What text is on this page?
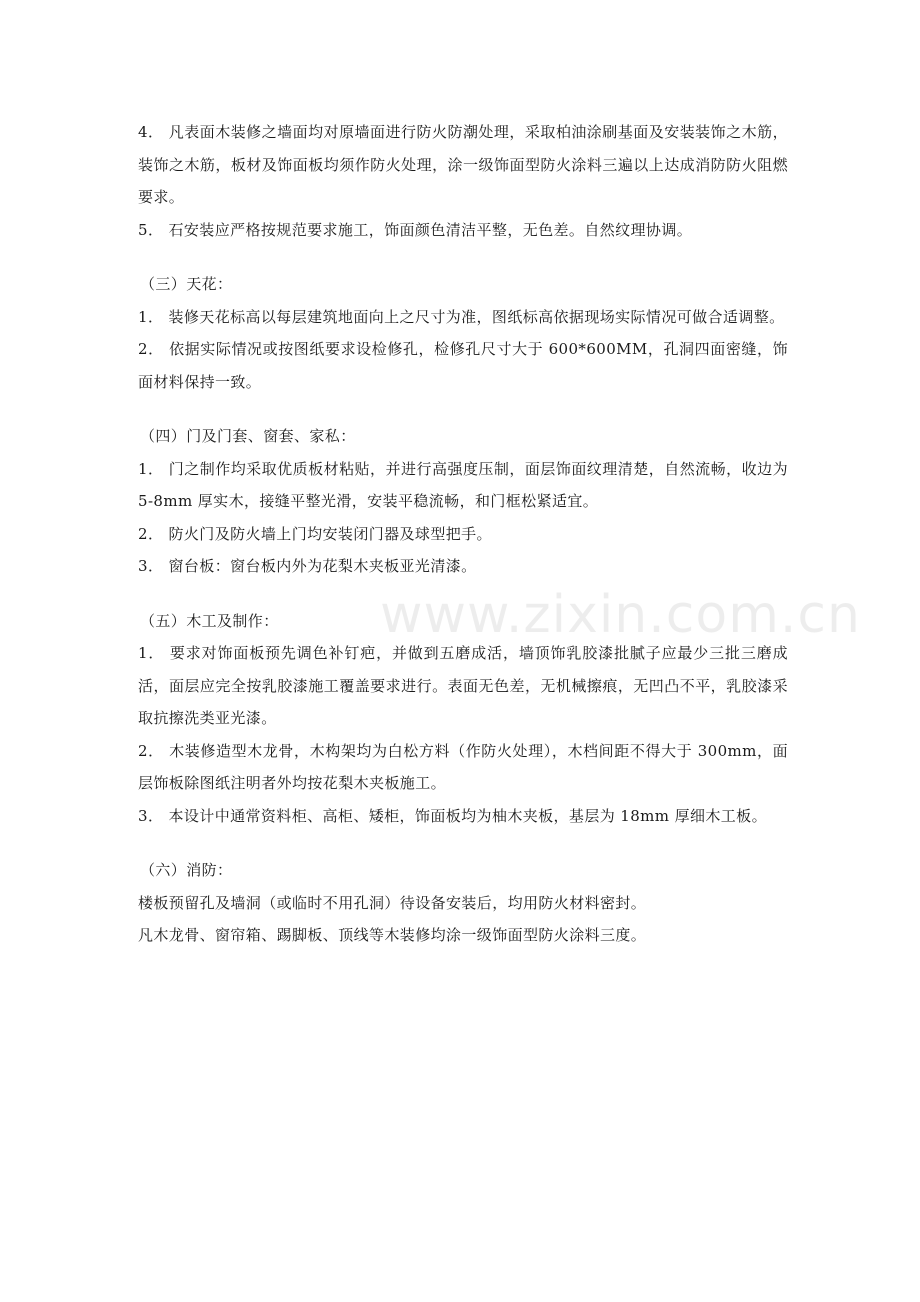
4． 凡表面木装修之墙面均对原墙面进行防火防潮处理，采取柏油涂刷基面及安装装饰之木筋，装饰之木筋，板材及饰面板均须作防火处理，涂一级饰面型防火涂料三遍以上达成消防防火阻燃要求。

5． 石安装应严格按规范要求施工，饰面颜色清洁平整，无色差。自然纹理协调。

（三）天花：

1． 装修天花标高以每层建筑地面向上之尺寸为准，图纸标高依据现场实际情况可做合适调整。

2． 依据实际情况或按图纸要求设检修孔，检修孔尺寸大于 600*600MM，孔洞四面密缝，饰面材料保持一致。

（四）门及门套、窗套、家私：

1． 门之制作均采取优质板材粘贴，并进行高强度压制，面层饰面纹理清楚，自然流畅，收边为 5-8mm 厚实木，接缝平整光滑，安装平稳流畅，和门框松紧适宜。

2． 防火门及防火墙上门均安装闭门器及球型把手。

3． 窗台板：窗台板内外为花梨木夹板亚光清漆。

（五）木工及制作：

1． 要求对饰面板预先调色补钉疤，并做到五磨成活，墙顶饰乳胶漆批腻子应最少三批三磨成活，面层应完全按乳胶漆施工覆盖要求进行。表面无色差，无机械擦痕，无凹凸不平，乳胶漆采取抗擦洗类亚光漆。

2． 木装修造型木龙骨，木构架均为白松方料（作防火处理），木档间距不得大于 300mm，面层饰板除图纸注明者外均按花梨木夹板施工。

3． 本设计中通常资料柜、高柜、矮柜，饰面板均为柚木夹板，基层为 18mm 厚细木工板。

（六）消防：

楼板预留孔及墙洞（或临时不用孔洞）待设备安装后，均用防火材料密封。

凡木龙骨、窗帘箱、踢脚板、顶线等木装修均涂一级饰面型防火涂料三度。

www.zixin.com.cn
